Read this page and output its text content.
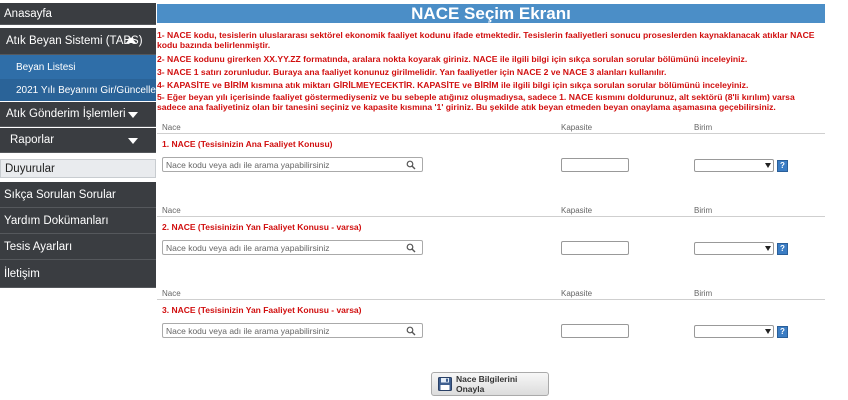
Anasayfa
Atık Beyan Sistemi (TABS)
Beyan Listesi
2021 Yılı Beyanını Gir/Güncelle
Atık Gönderim İşlemleri
Raporlar
Duyurular
Sıkça Sorulan Sorular
Yardım Dokümanları
Tesis Ayarları
İletişim
NACE Seçim Ekranı
1- NACE kodu, tesislerin uluslararası sektörel ekonomik faaliyet kodunu ifade etmektedir. Tesislerin faaliyetleri sonucu proseslerden kaynaklanacak atıklar NACE kodu bazında belirlenmiştir.
2- NACE kodunu girerken XX.YY.ZZ formatında, aralara nokta koyarak giriniz. NACE ile ilgili bilgi için sıkça sorulan sorular bölümünü inceleyiniz.
3- NACE 1 satırı zorunludur. Buraya ana faaliyet konunuz girilmelidir. Yan faaliyetler için NACE 2 ve NACE 3 alanları kullanılır.
4- KAPASİTE ve BİRİM kısmına atık miktarı GİRİLMEYECEKTİR. KAPASİTE ve BİRİM ile ilgili bilgi için sıkça sorulan sorular bölümünü inceleyiniz.
5- Eğer beyan yılı içerisinde faaliyet göstermediyseniz ve bu sebeple atığınız oluşmadıysa, sadece 1. NACE kısmını doldurunuz, alt sektörü (8'li kırılım) varsa sadece ana faaliyetiniz olan bir tanesini seçiniz ve kapasite kısmına '1' giriniz. Bu şekilde atık beyan etmeden beyan onaylama aşamasına geçebilirsiniz.
Nace	Kapasite	Birim
1. NACE (Tesisinizin Ana Faaliyet Konusu)
Nace kodu veya adı ile arama yapabilirsiniz
?
Nace	Kapasite	Birim
2. NACE (Tesisinizin Yan Faaliyet Konusu - varsa)
Nace kodu veya adı ile arama yapabilirsiniz
?
Nace	Kapasite	Birim
3. NACE (Tesisinizin Yan Faaliyet Konusu - varsa)
Nace kodu veya adı ile arama yapabilirsiniz
?
Nace Bilgilerini Onayla
